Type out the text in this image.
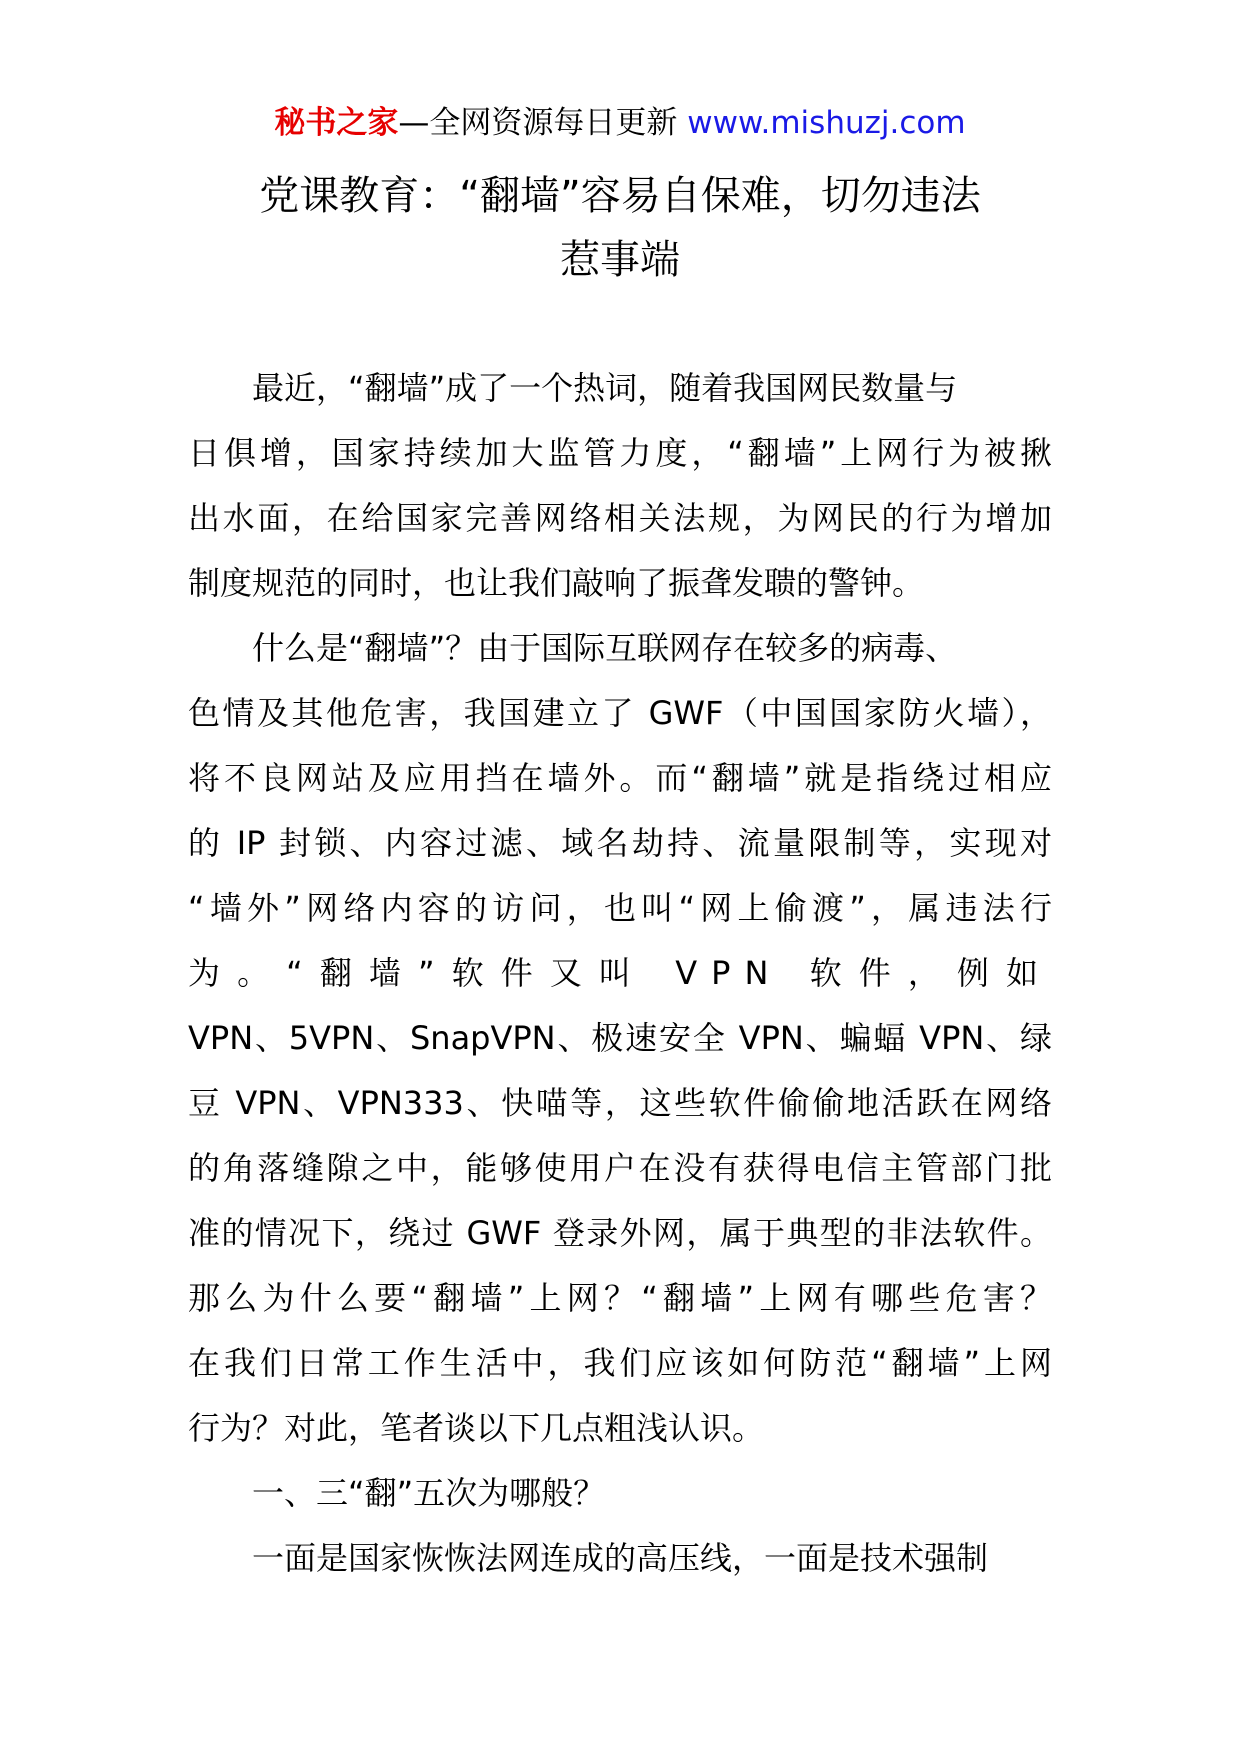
秘书之家—全网资源每日更新 www.mishuzj.com
党课教育：“翻墙”容易自保难，切勿违法
惹事端
最近，“翻墙”成了一个热词，随着我国网民数量与
日俱增，国家持续加大监管力度，“翻墙”上网行为被揪
出水面，在给国家完善网络相关法规，为网民的行为增加
制度规范的同时，也让我们敲响了振聋发聩的警钟。
什么是“翻墙”？由于国际互联网存在较多的病毒、
色情及其他危害，我国建立了 GWF（中国国家防火墙），
将不良网站及应用挡在墙外。而“翻墙”就是指绕过相应
的 IP 封锁、内容过滤、域名劫持、流量限制等，实现对
“墙外”网络内容的访问，也叫“网上偷渡”，属违法行
为。“翻墙”软件又叫 VPN 软件，例如
VPN、5VPN、SnapVPN、极速安全 VPN、蝙蝠 VPN、绿
豆 VPN、VPN333、快喵等，这些软件偷偷地活跃在网络
的角落缝隙之中，能够使用户在没有获得电信主管部门批
准的情况下，绕过 GWF 登录外网，属于典型的非法软件。
那么为什么要“翻墙”上网？“翻墙”上网有哪些危害？
在我们日常工作生活中，我们应该如何防范“翻墙”上网
行为？对此，笔者谈以下几点粗浅认识。
一、三“翻”五次为哪般？
一面是国家恢恢法网连成的高压线，一面是技术强制
